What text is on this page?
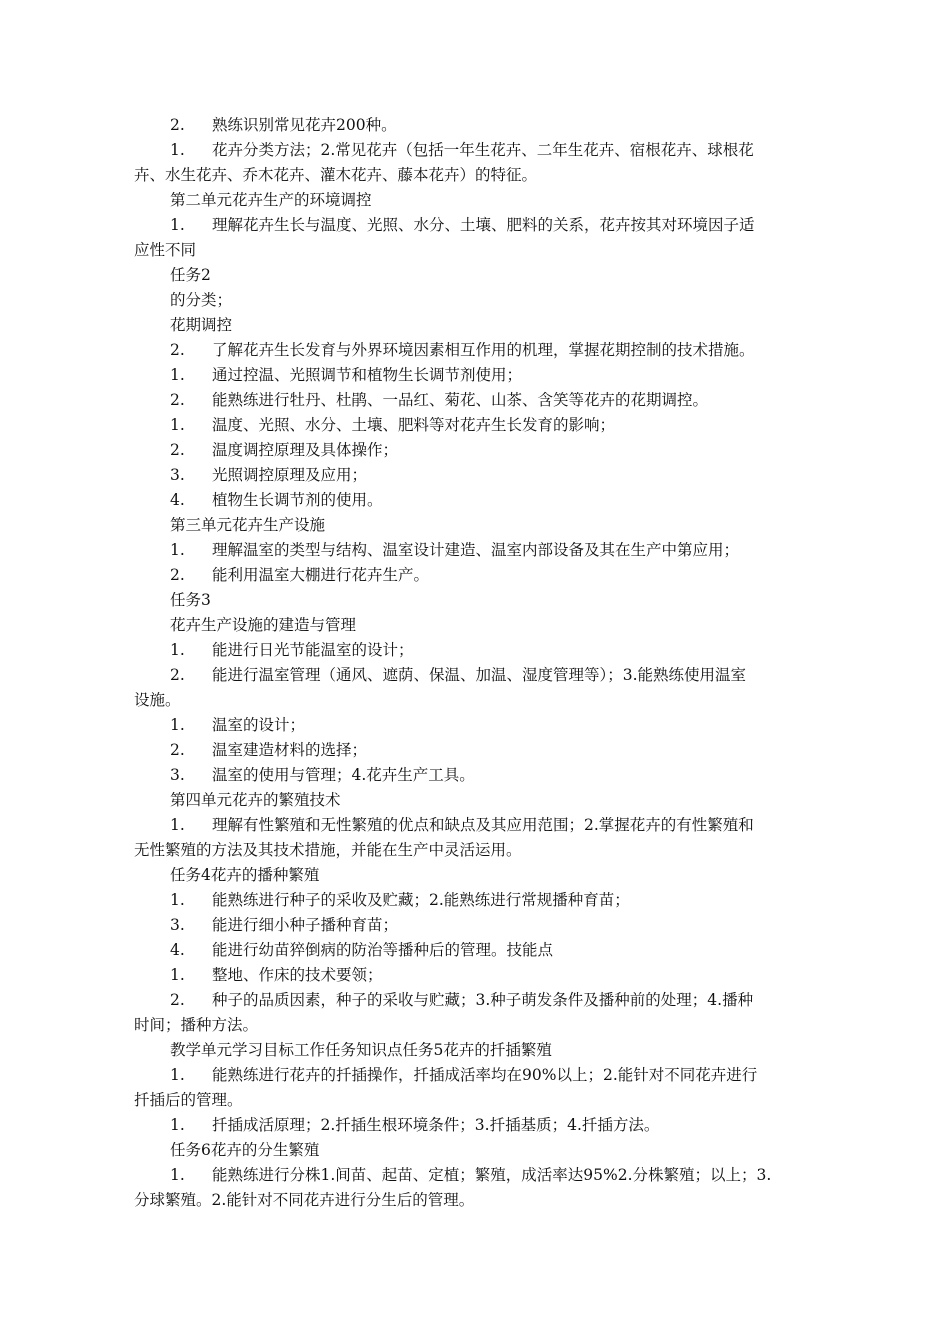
2. 熟练识别常见花卉200种。
1. 花卉分类方法；2.常见花卉（包括一年生花卉、二年生花卉、宿根花卉、球根花
卉、水生花卉、乔木花卉、灌木花卉、藤本花卉）的特征。
第二单元花卉生产的环境调控
1. 理解花卉生长与温度、光照、水分、土壤、肥料的关系，花卉按其对环境因子适
应性不同
任务2
的分类；
花期调控
2. 了解花卉生长发育与外界环境因素相互作用的机理，掌握花期控制的技术措施。
1. 通过控温、光照调节和植物生长调节剂使用；
2. 能熟练进行牡丹、杜鹃、一品红、菊花、山茶、含笑等花卉的花期调控。
1. 温度、光照、水分、土壤、肥料等对花卉生长发育的影响；
2. 温度调控原理及具体操作；
3. 光照调控原理及应用；
4. 植物生长调节剂的使用。
第三单元花卉生产设施
1. 理解温室的类型与结构、温室设计建造、温室内部设备及其在生产中第应用；
2. 能利用温室大棚进行花卉生产。
任务3
花卉生产设施的建造与管理
1. 能进行日光节能温室的设计；
2. 能进行温室管理（通风、遮荫、保温、加温、湿度管理等）；3.能熟练使用温室
设施。
1. 温室的设计；
2. 温室建造材料的选择；
3. 温室的使用与管理；4.花卉生产工具。
第四单元花卉的繁殖技术
1. 理解有性繁殖和无性繁殖的优点和缺点及其应用范围；2.掌握花卉的有性繁殖和
无性繁殖的方法及其技术措施，并能在生产中灵活运用。
任务4花卉的播种繁殖
1. 能熟练进行种子的采收及贮藏；2.能熟练进行常规播种育苗；
3. 能进行细小种子播种育苗；
4. 能进行幼苗猝倒病的防治等播种后的管理。技能点
1. 整地、作床的技术要领；
2. 种子的品质因素，种子的采收与贮藏；3.种子萌发条件及播种前的处理；4.播种
时间；播种方法。
教学单元学习目标工作任务知识点任务5花卉的扦插繁殖
1. 能熟练进行花卉的扦插操作，扦插成活率均在90%以上；2.能针对不同花卉进行
扦插后的管理。
1. 扦插成活原理；2.扦插生根环境条件；3.扦插基质；4.扦插方法。
任务6花卉的分生繁殖
1. 能熟练进行分株1.间苗、起苗、定植；繁殖，成活率达95%2.分株繁殖；以上；3.
分球繁殖。2.能针对不同花卉进行分生后的管理。
